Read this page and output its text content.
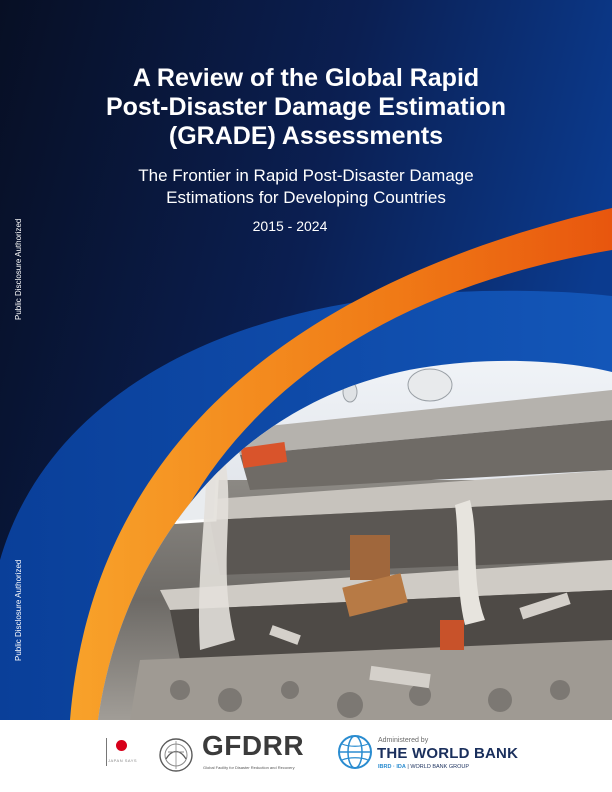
Public Disclosure Authorized
Public Disclosure Authorized
A Review of the Global Rapid
Post-Disaster Damage Estimation
(GRADE) Assessments
The Frontier in Rapid Post-Disaster Damage
Estimations for Developing Countries
2015 - 2024
JAPAN SAYS	GFDRR
Global Facility for Disaster Reduction and Recovery
Administered by
THE WORLD BANK
IBRD · IDA | WORLD BANK GROUP
